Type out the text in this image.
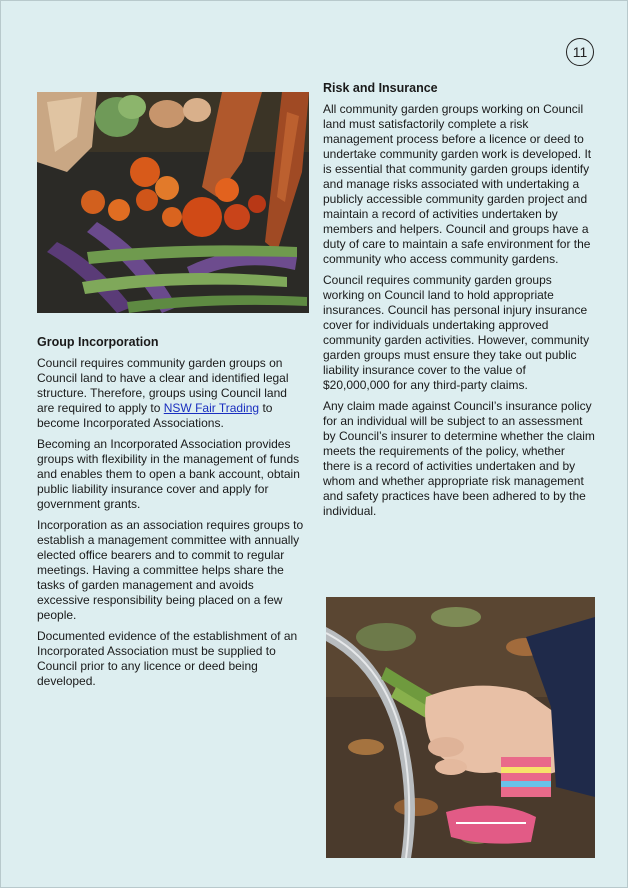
11
Group Incorporation

Council requires community garden groups on Council land to have a clear and identified legal structure. Therefore, groups using Council land are required to apply to NSW Fair Trading to become Incorporated Associations.

Becoming an Incorporated Association provides groups with flexibility in the management of funds and enables them to open a bank account, obtain public liability insurance cover and apply for government grants.

Incorporation as an association requires groups to establish a management committee with annually elected office bearers and to commit to regular meetings. Having a committee helps share the tasks of garden management and avoids excessive responsibility being placed on a few people.

Documented evidence of the establishment of an Incorporated Association must be supplied to Council prior to any licence or deed being developed.

Risk and Insurance

All community garden groups working on Council land must satisfactorily complete a risk management process before a licence or deed to undertake community garden work is developed. It is essential that community garden groups identify and manage risks associated with undertaking a publicly accessible community garden project and maintain a record of activities undertaken by members and helpers. Council and groups have a duty of care to maintain a safe environment for the community who access community gardens.

Council requires community garden groups working on Council land to hold appropriate insurances. Council has personal injury insurance cover for individuals undertaking approved community garden activities. However, community garden groups must ensure they take out public liability insurance cover to the value of $20,000,000 for any third-party claims.

Any claim made against Council’s insurance policy for an individual will be subject to an assessment by Council’s insurer to determine whether the claim meets the requirements of the policy, whether there is a record of activities undertaken and by whom and whether appropriate risk management and safety practices have been adhered to by the individual.
